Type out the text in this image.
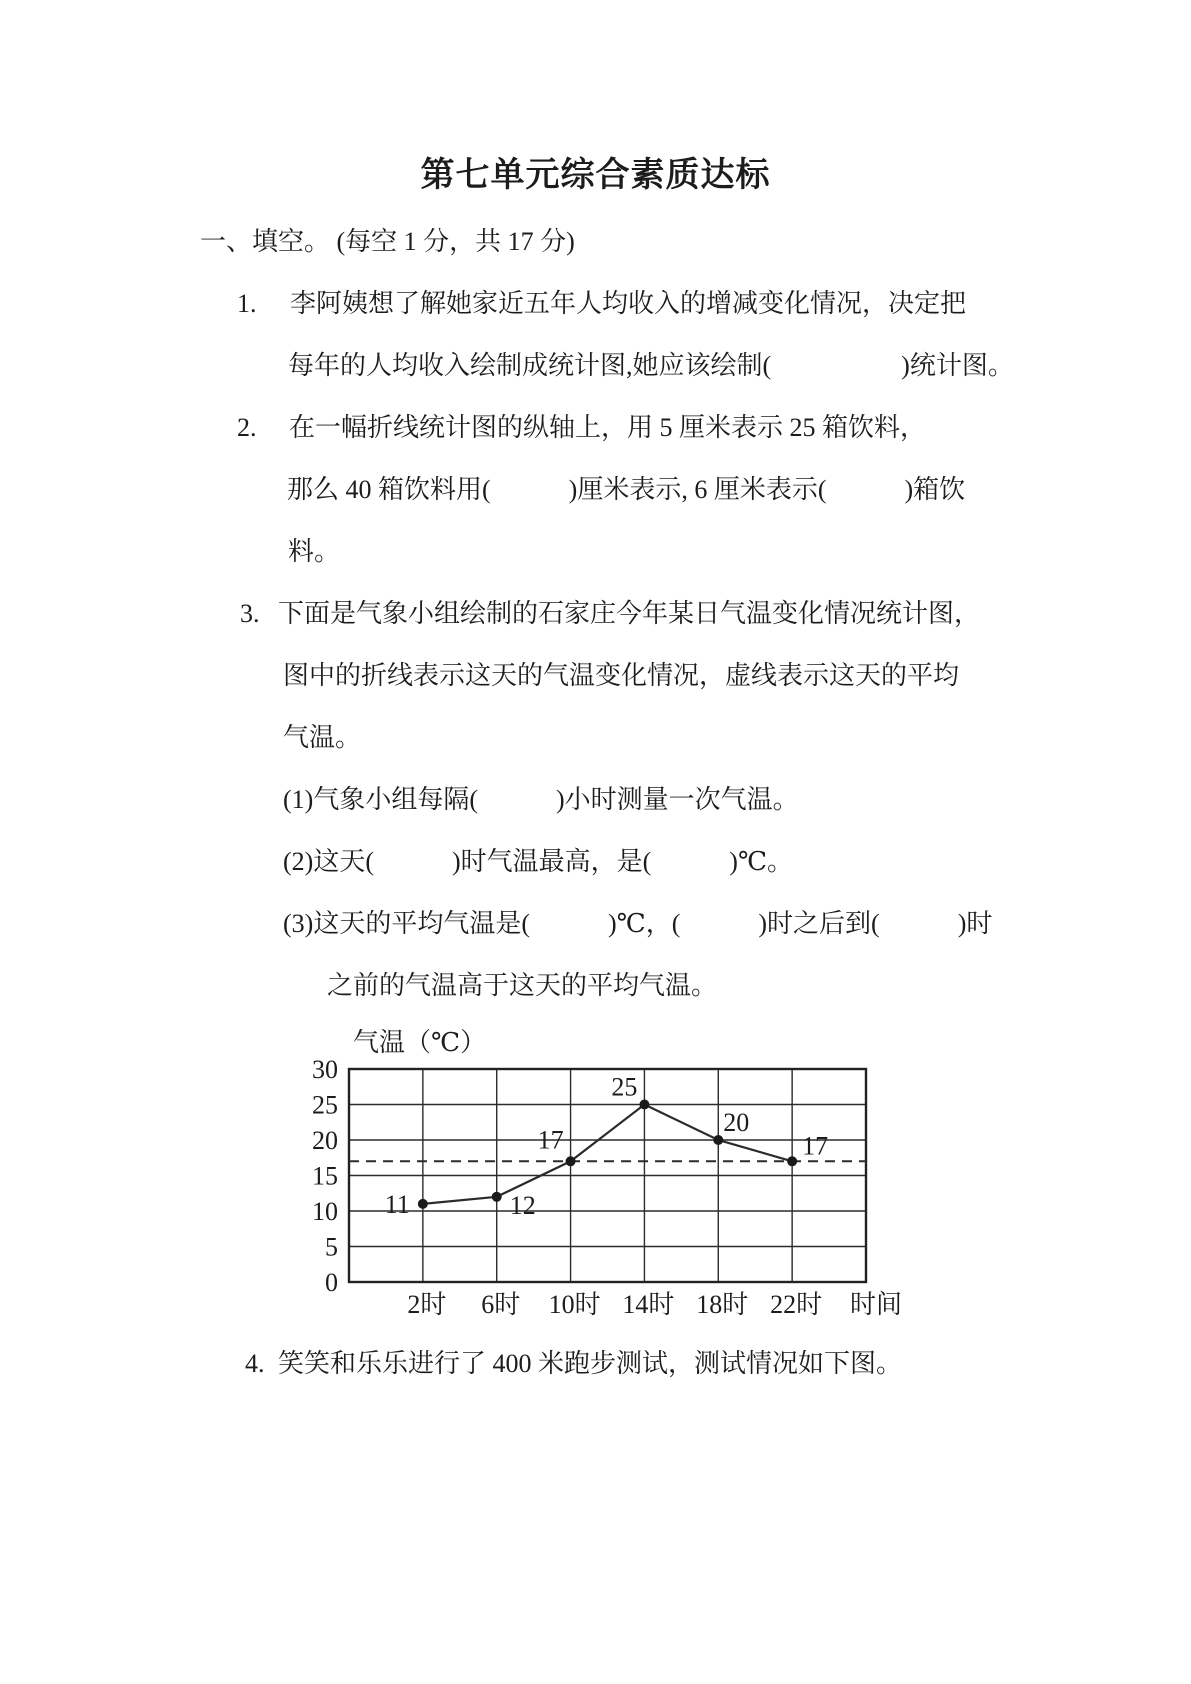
第七单元综合素质达标
一、填空。 (每空 1 分，共 17 分)
1. 李阿姨想了解她家近五年人均收入的增减变化情况，决定把
每年的人均收入绘制成统计图,她应该绘制(　　　　　)统计图。
2. 在一幅折线统计图的纵轴上，用 5 厘米表示 25 箱饮料，
那么 40 箱饮料用(　　　)厘米表示, 6 厘米表示(　　　)箱饮
料。
3. 下面是气象小组绘制的石家庄今年某日气温变化情况统计图，
图中的折线表示这天的气温变化情况，虚线表示这天的平均
气温。
(1)气象小组每隔(　　　)小时测量一次气温。
(2)这天(　　　)时气温最高，是(　　　)℃。
(3)这天的平均气温是(　　　)℃，(　　　)时之后到(　　　)时
之前的气温高于这天的平均气温。
气温（℃）
0
5
10
15
20
25
30
2时 6时 10时 14时 18时 22时 时间
11	12
17
25
20
17
4. 笑笑和乐乐进行了 400 米跑步测试，测试情况如下图。
